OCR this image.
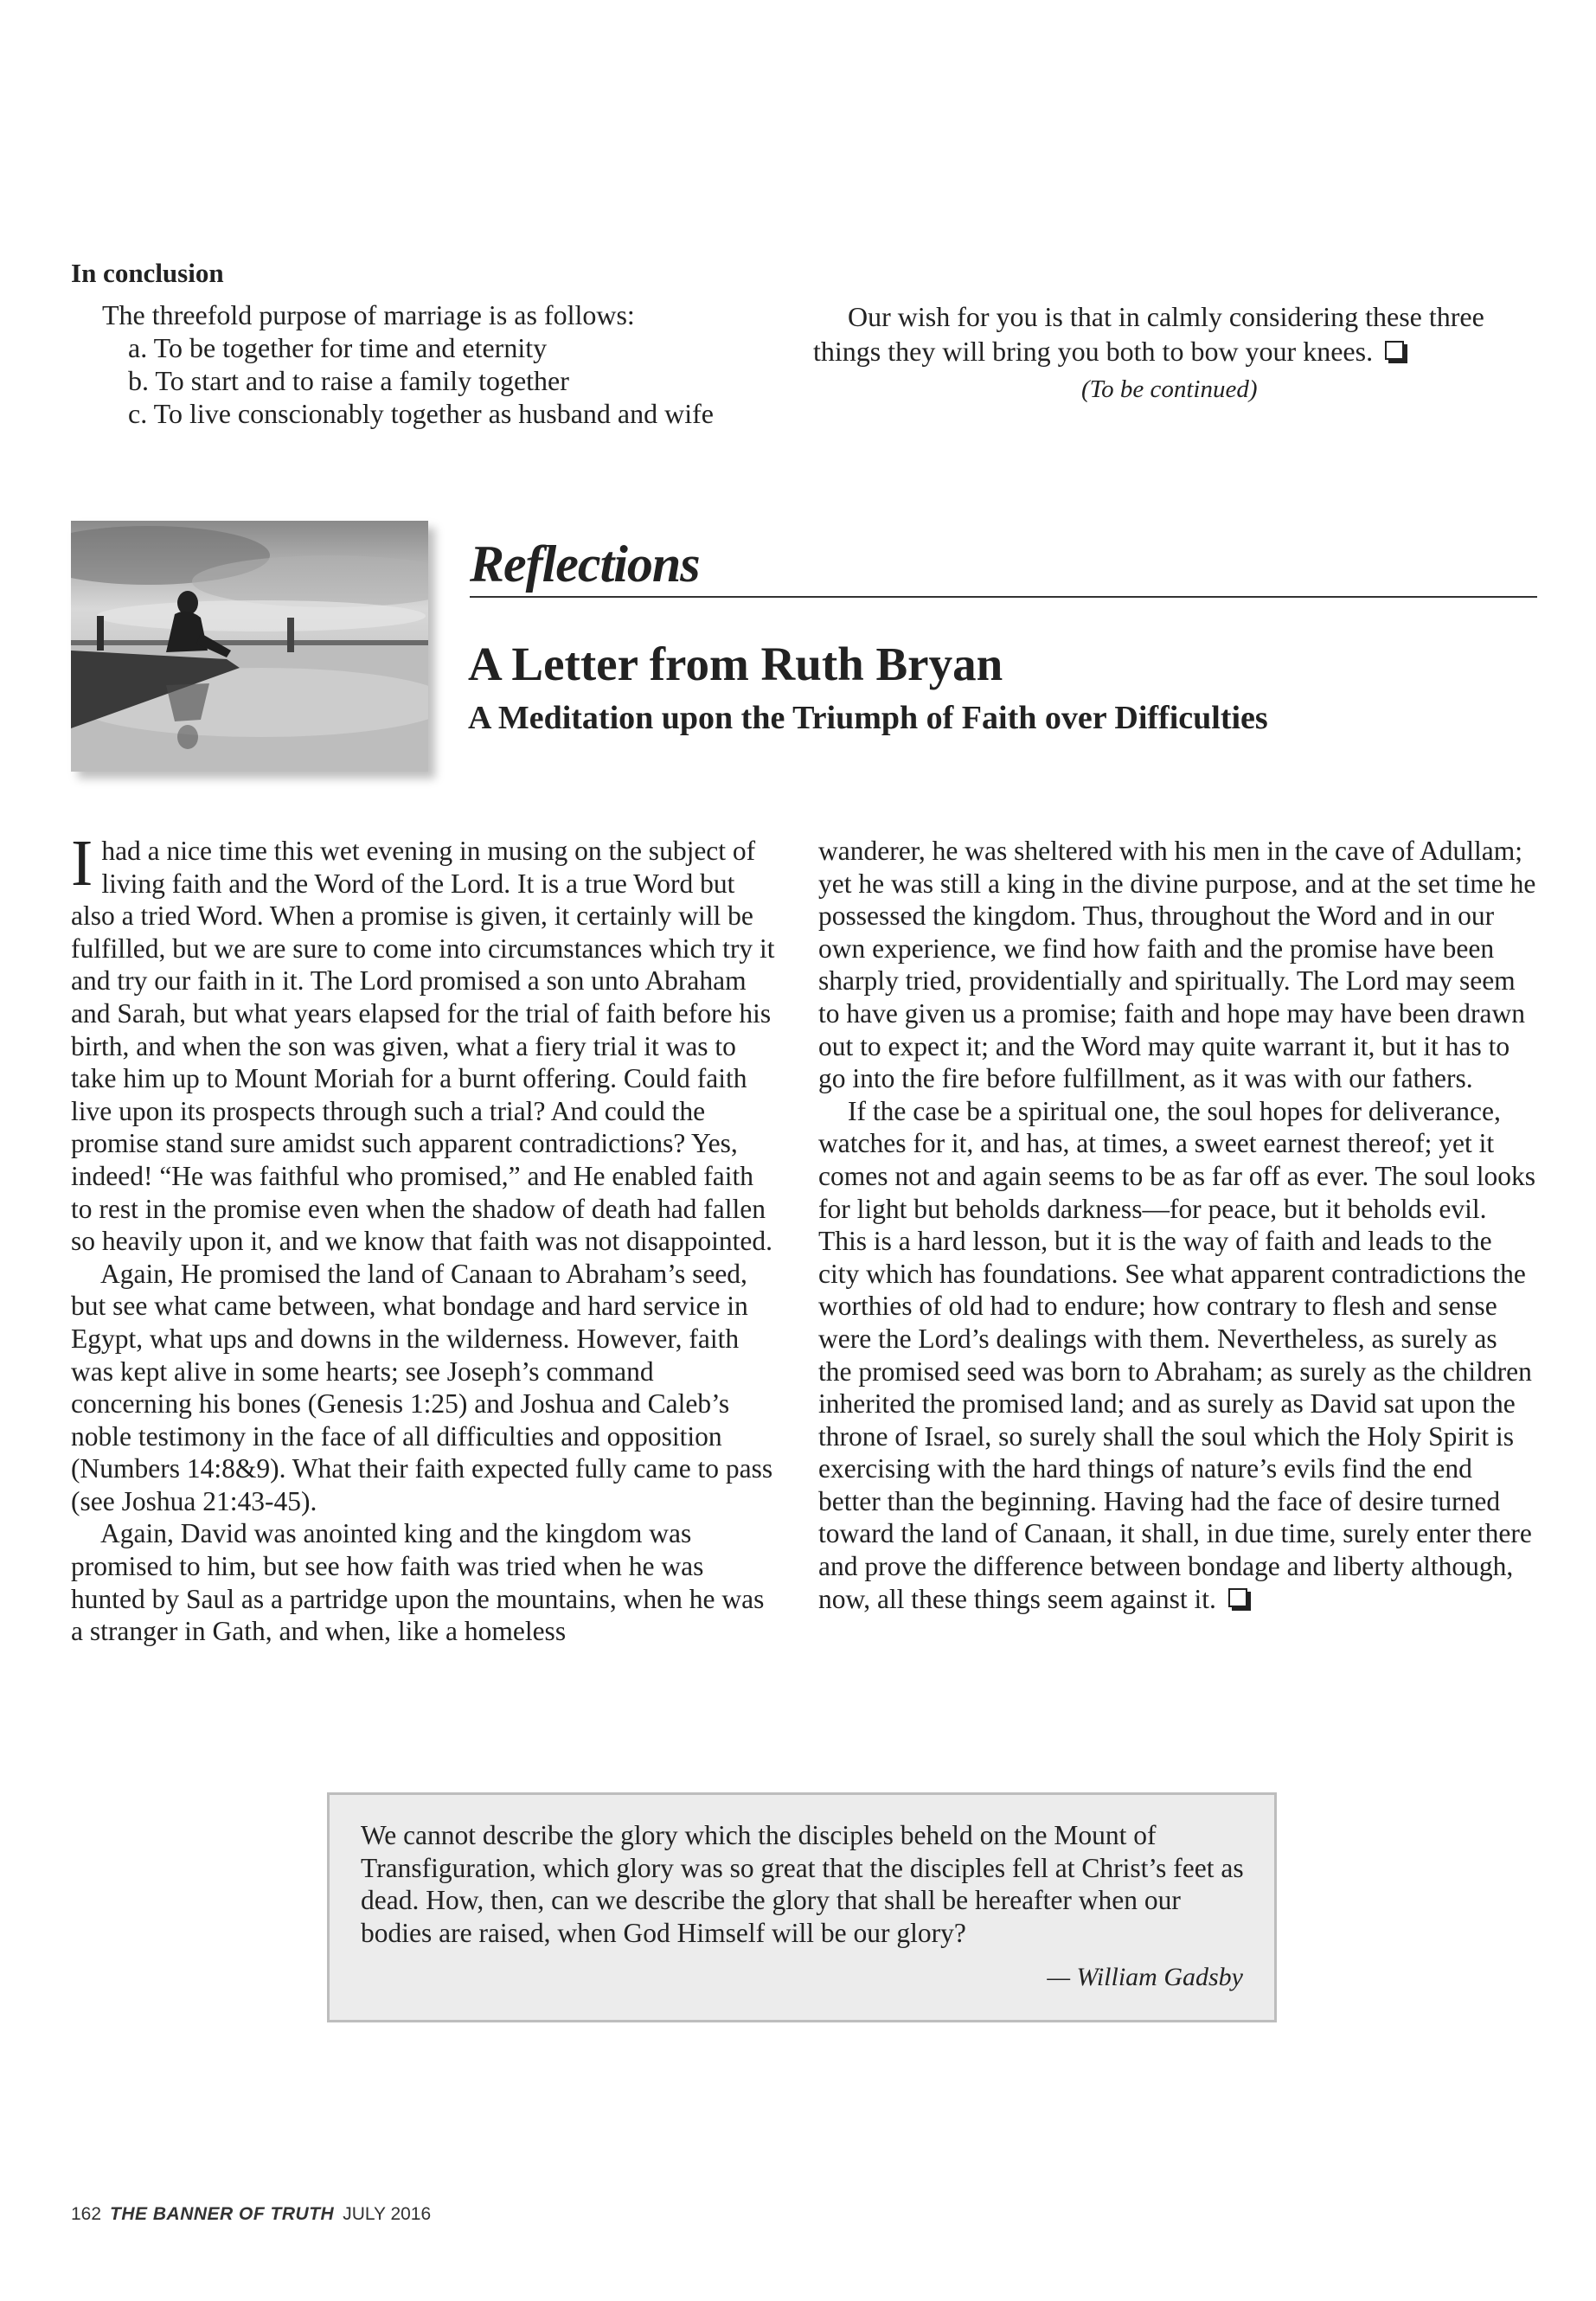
In conclusion
The threefold purpose of marriage is as follows:
a. To be together for time and eternity
b. To start and to raise a family together
c. To live conscionably together as husband and wife
Our wish for you is that in calmly considering these three things they will bring you both to bow your knees.
(To be continued)
Reflections
A Letter from Ruth Bryan
A Meditation upon the Triumph of Faith over Difficulties

Ihad a nice time this wet evening in musing on the subject of living faith and the Word of the Lord. It is a true Word but also a tried Word. When a promise is given, it certainly will be fulfilled, but we are sure to come into circumstances which try it and try our faith in it. The Lord promised a son unto Abraham and Sarah, but what years elapsed for the trial of faith before his birth, and when the son was given, what a fiery trial it was to take him up to Mount Moriah for a burnt offering. Could faith live upon its prospects through such a trial? And could the promise stand sure amidst such apparent contradictions? Yes, indeed! “He was faithful who promised,” and He enabled faith to rest in the promise even when the shadow of death had fallen so heavily upon it, and we know that faith was not disappointed.

Again, He promised the land of Canaan to Abraham’s seed, but see what came between, what bondage and hard service in Egypt, what ups and downs in the wilderness. However, faith was kept alive in some hearts; see Joseph’s command concerning his bones (Genesis 1:25) and Joshua and Caleb’s noble testimony in the face of all difficulties and opposition (Numbers 14:8&9). What their faith expected fully came to pass (see Joshua 21:43-45).

Again, David was anointed king and the kingdom was promised to him, but see how faith was tried when he was hunted by Saul as a partridge upon the mountains, when he was a stranger in Gath, and when, like a homeless

wanderer, he was sheltered with his men in the cave of Adullam; yet he was still a king in the divine purpose, and at the set time he possessed the kingdom. Thus, throughout the Word and in our own experience, we find how faith and the promise have been sharply tried, providentially and spiritually. The Lord may seem to have given us a promise; faith and hope may have been drawn out to expect it; and the Word may quite warrant it, but it has to go into the fire before fulfillment, as it was with our fathers.

If the case be a spiritual one, the soul hopes for deliverance, watches for it, and has, at times, a sweet earnest thereof; yet it comes not and again seems to be as far off as ever. The soul looks for light but beholds darkness—for peace, but it beholds evil. This is a hard lesson, but it is the way of faith and leads to the city which has foundations. See what apparent contradictions the worthies of old had to endure; how contrary to flesh and sense were the Lord’s dealings with them. Nevertheless, as surely as the promised seed was born to Abraham; as surely as the children inherited the promised land; and as surely as David sat upon the throne of Israel, so surely shall the soul which the Holy Spirit is exercising with the hard things of nature’s evils find the end better than the beginning. Having had the face of desire turned toward the land of Canaan, it shall, in due time, surely enter there and prove the difference between bondage and liberty although, now, all these things seem against it.

We cannot describe the glory which the disciples beheld on the Mount of Transfiguration, which glory was so great that the disciples fell at Christ’s feet as dead. How, then, can we describe the glory that shall be hereafter when our bodies are raised, when God Himself will be our glory?
— William Gadsby
162 THE BANNER OF TRUTH JULY 2016
